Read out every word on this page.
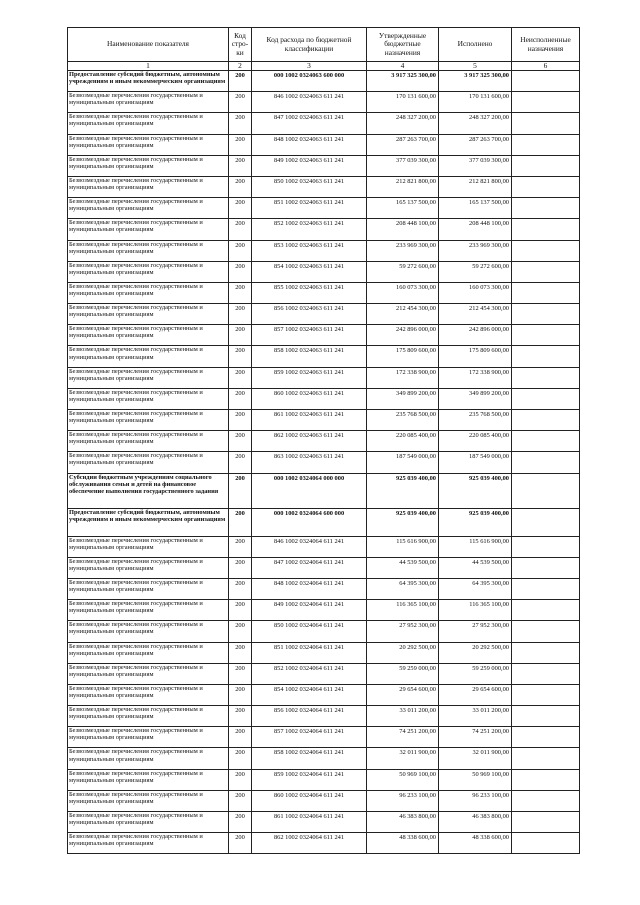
Наименование показателя	Код стро-ки	Код расхода по бюджетной классификации	Утвержденные бюджетные назначения	Исполнено	Неисполненные назначения
1	2	3	4	5	6
Предоставление субсидий бюджетным, автономным учреждениям и иным некоммерческим организациям	200	000 1002 0324063 600 000	3 917 325 300,00	3 917 325 300,00	
Безвозмездные перечисления государственным и муниципальным организациям	200	846 1002 0324063 611 241	170 131 600,00	170 131 600,00	
Безвозмездные перечисления государственным и муниципальным организациям	200	847 1002 0324063 611 241	248 327 200,00	248 327 200,00	
Безвозмездные перечисления государственным и муниципальным организациям	200	848 1002 0324063 611 241	287 263 700,00	287 263 700,00	
Безвозмездные перечисления государственным и муниципальным организациям	200	849 1002 0324063 611 241	377 039 300,00	377 039 300,00	
Безвозмездные перечисления государственным и муниципальным организациям	200	850 1002 0324063 611 241	212 821 800,00	212 821 800,00	
Безвозмездные перечисления государственным и муниципальным организациям	200	851 1002 0324063 611 241	165 137 500,00	165 137 500,00	
Безвозмездные перечисления государственным и муниципальным организациям	200	852 1002 0324063 611 241	208 448 100,00	208 448 100,00	
Безвозмездные перечисления государственным и муниципальным организациям	200	853 1002 0324063 611 241	233 969 300,00	233 969 300,00	
Безвозмездные перечисления государственным и муниципальным организациям	200	854 1002 0324063 611 241	59 272 600,00	59 272 600,00	
Безвозмездные перечисления государственным и муниципальным организациям	200	855 1002 0324063 611 241	160 073 300,00	160 073 300,00	
Безвозмездные перечисления государственным и муниципальным организациям	200	856 1002 0324063 611 241	212 454 300,00	212 454 300,00	
Безвозмездные перечисления государственным и муниципальным организациям	200	857 1002 0324063 611 241	242 896 000,00	242 896 000,00	
Безвозмездные перечисления государственным и муниципальным организациям	200	858 1002 0324063 611 241	175 809 600,00	175 809 600,00	
Безвозмездные перечисления государственным и муниципальным организациям	200	859 1002 0324063 611 241	172 338 900,00	172 338 900,00	
Безвозмездные перечисления государственным и муниципальным организациям	200	860 1002 0324063 611 241	349 899 200,00	349 899 200,00	
Безвозмездные перечисления государственным и муниципальным организациям	200	861 1002 0324063 611 241	235 768 500,00	235 768 500,00	
Безвозмездные перечисления государственным и муниципальным организациям	200	862 1002 0324063 611 241	220 085 400,00	220 085 400,00	
Безвозмездные перечисления государственным и муниципальным организациям	200	863 1002 0324063 611 241	187 549 000,00	187 549 000,00	
Субсидии бюджетным учреждениям социального обслуживания семьи и детей на финансовое обеспечение выполнения государственного задания	200	000 1002 0324064 000 000	925 039 400,00	925 039 400,00	
Предоставление субсидий бюджетным, автономным учреждениям и иным некоммерческим организациям	200	000 1002 0324064 600 000	925 039 400,00	925 039 400,00	
Безвозмездные перечисления государственным и муниципальным организациям	200	846 1002 0324064 611 241	115 616 900,00	115 616 900,00	
Безвозмездные перечисления государственным и муниципальным организациям	200	847 1002 0324064 611 241	44 539 500,00	44 539 500,00	
Безвозмездные перечисления государственным и муниципальным организациям	200	848 1002 0324064 611 241	64 395 300,00	64 395 300,00	
Безвозмездные перечисления государственным и муниципальным организациям	200	849 1002 0324064 611 241	116 365 100,00	116 365 100,00	
Безвозмездные перечисления государственным и муниципальным организациям	200	850 1002 0324064 611 241	27 952 300,00	27 952 300,00	
Безвозмездные перечисления государственным и муниципальным организациям	200	851 1002 0324064 611 241	20 292 500,00	20 292 500,00	
Безвозмездные перечисления государственным и муниципальным организациям	200	852 1002 0324064 611 241	59 259 000,00	59 259 000,00	
Безвозмездные перечисления государственным и муниципальным организациям	200	854 1002 0324064 611 241	29 654 600,00	29 654 600,00	
Безвозмездные перечисления государственным и муниципальным организациям	200	856 1002 0324064 611 241	33 011 200,00	33 011 200,00	
Безвозмездные перечисления государственным и муниципальным организациям	200	857 1002 0324064 611 241	74 251 200,00	74 251 200,00	
Безвозмездные перечисления государственным и муниципальным организациям	200	858 1002 0324064 611 241	32 011 900,00	32 011 900,00	
Безвозмездные перечисления государственным и муниципальным организациям	200	859 1002 0324064 611 241	50 969 100,00	50 969 100,00	
Безвозмездные перечисления государственным и муниципальным организациям	200	860 1002 0324064 611 241	96 233 100,00	96 233 100,00	
Безвозмездные перечисления государственным и муниципальным организациям	200	861 1002 0324064 611 241	46 383 800,00	46 383 800,00	
Безвозмездные перечисления государственным и муниципальным организациям	200	862 1002 0324064 611 241	48 338 600,00	48 338 600,00	
